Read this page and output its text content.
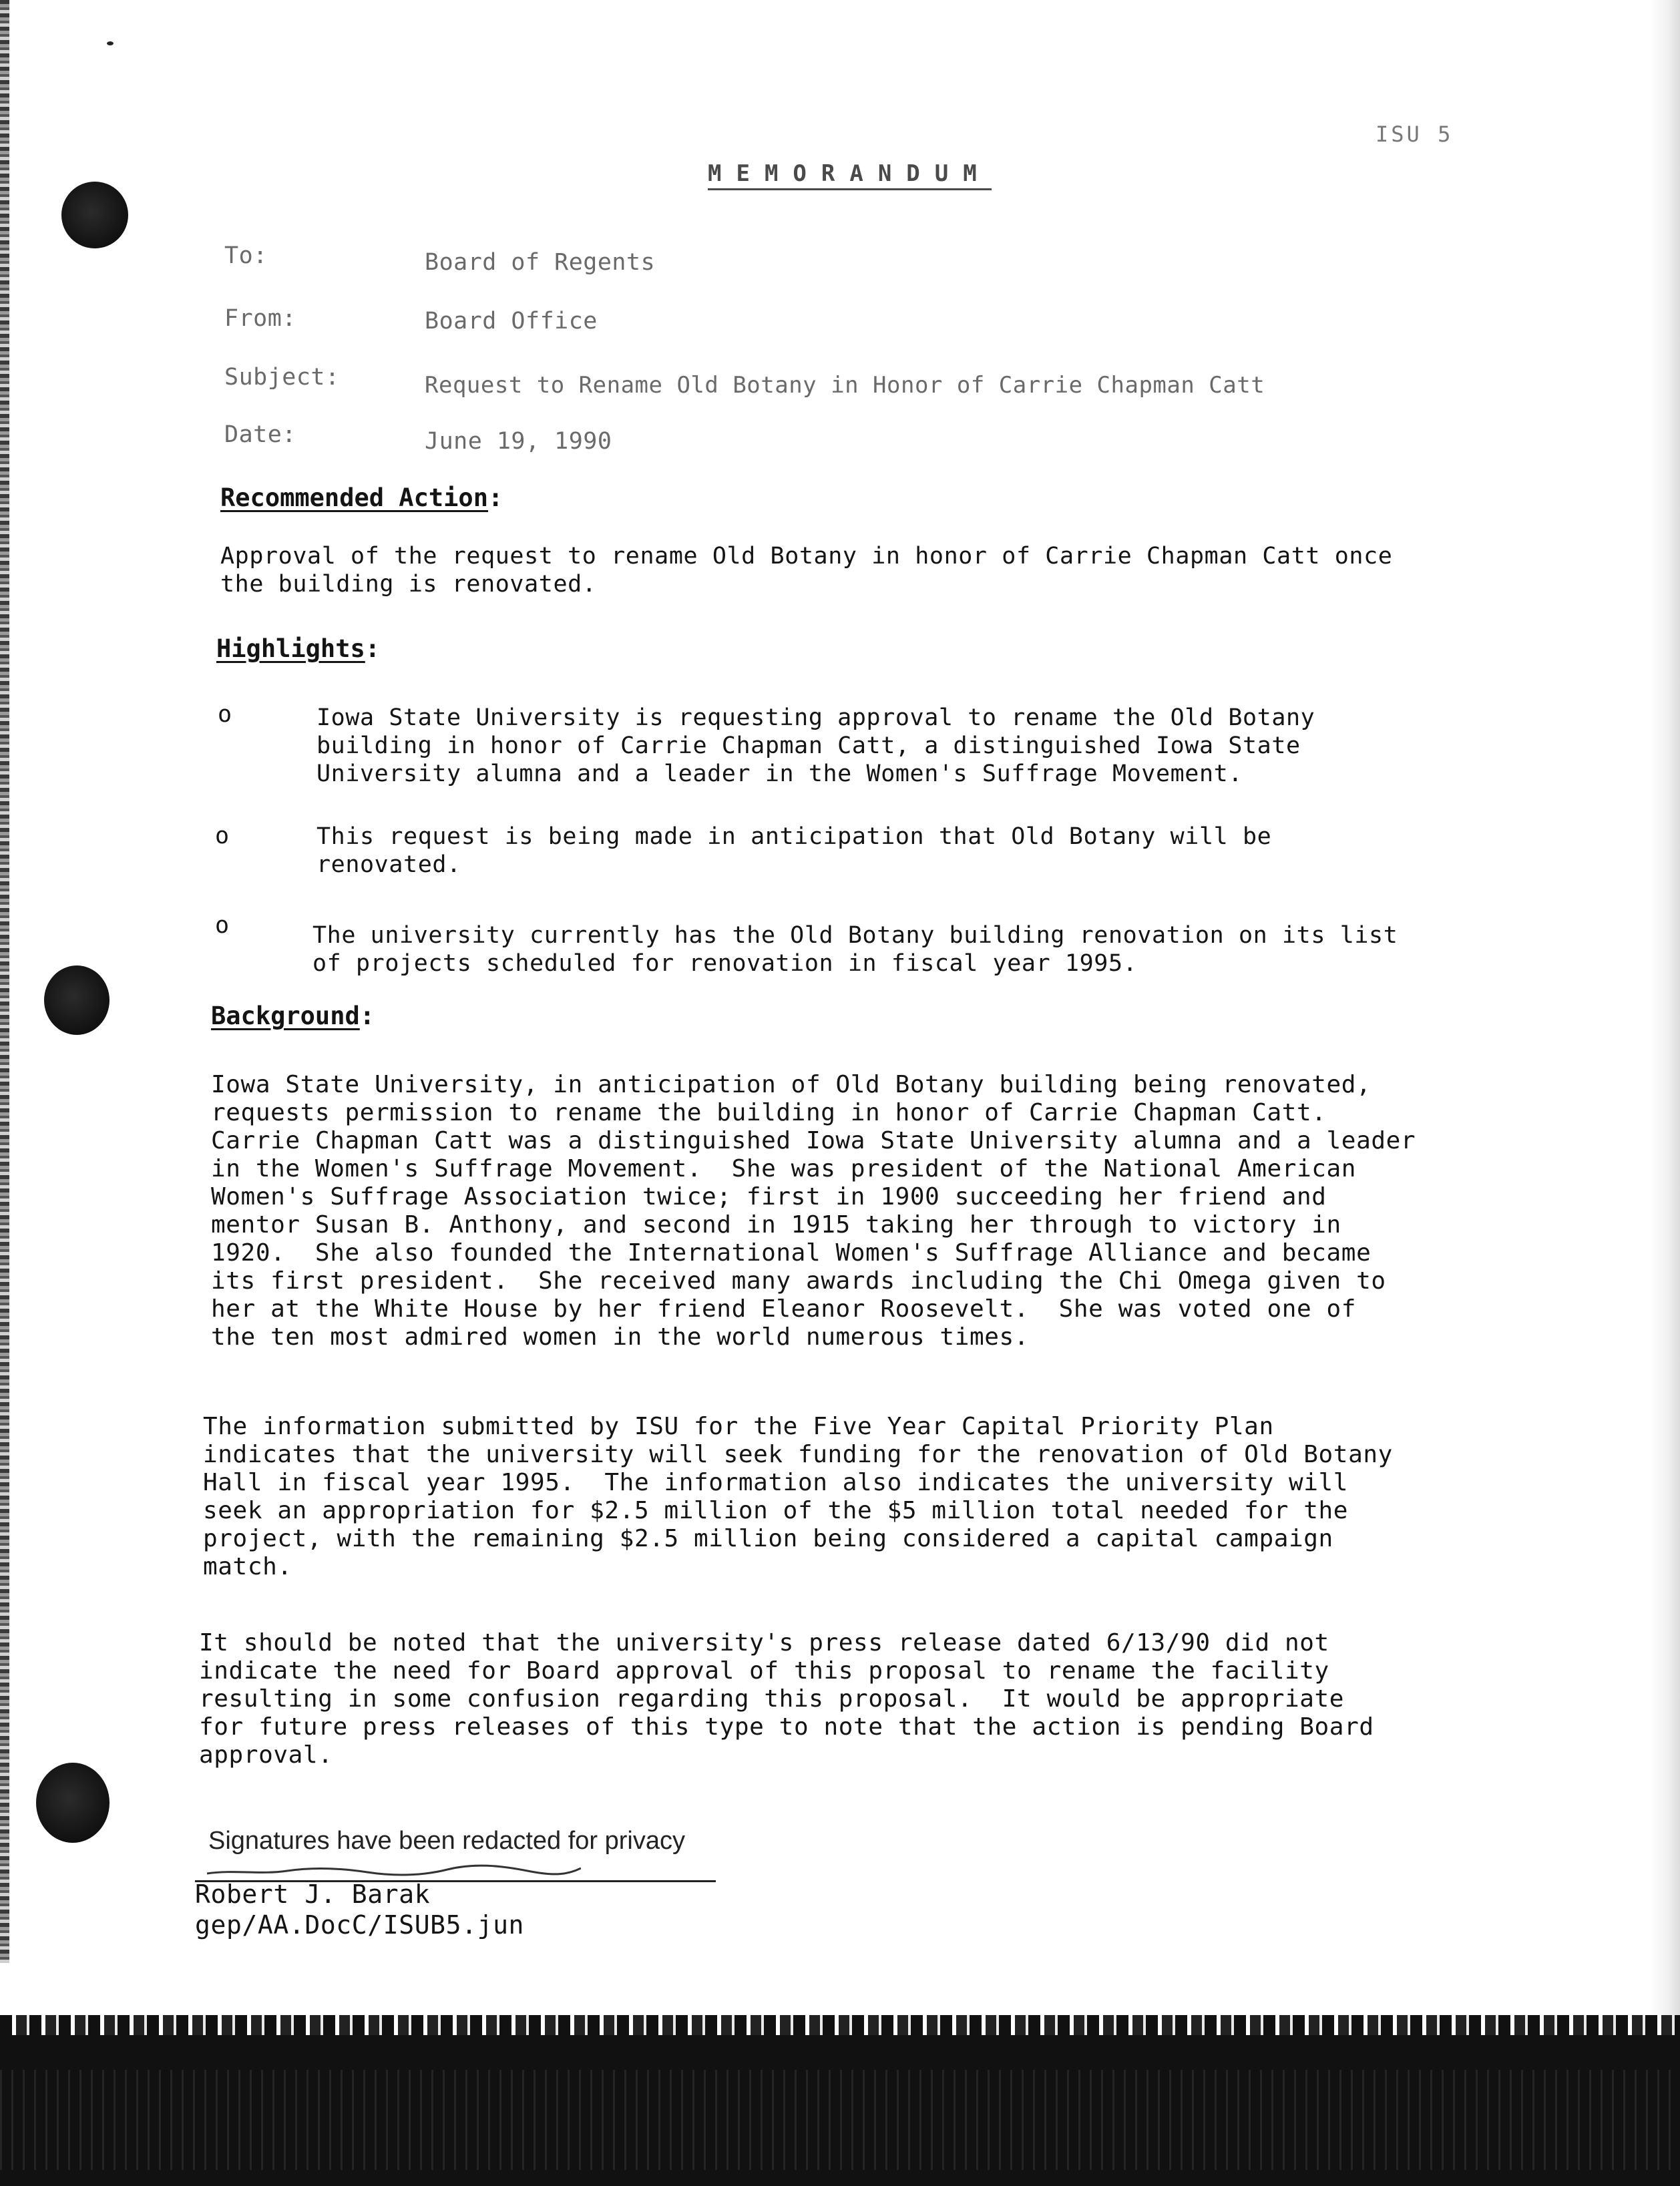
ISU 5
MEMORANDUM
To:	Board of Regents
From:	Board Office
Subject:	Request to Rename Old Botany in Honor of Carrie Chapman Catt
Date:	June 19, 1990
Recommended Action:
Approval of the request to rename Old Botany in honor of Carrie Chapman Catt once
the building is renovated.
Highlights:
o	Iowa State University is requesting approval to rename the Old Botany
building in honor of Carrie Chapman Catt, a distinguished Iowa State
University alumna and a leader in the Women's Suffrage Movement.
o	This request is being made in anticipation that Old Botany will be
renovated.
o	The university currently has the Old Botany building renovation on its list
of projects scheduled for renovation in fiscal year 1995.
Background:
Iowa State University, in anticipation of Old Botany building being renovated,
requests permission to rename the building in honor of Carrie Chapman Catt.
Carrie Chapman Catt was a distinguished Iowa State University alumna and a leader
in the Women's Suffrage Movement.  She was president of the National American
Women's Suffrage Association twice; first in 1900 succeeding her friend and
mentor Susan B. Anthony, and second in 1915 taking her through to victory in
1920.  She also founded the International Women's Suffrage Alliance and became
its first president.  She received many awards including the Chi Omega given to
her at the White House by her friend Eleanor Roosevelt.  She was voted one of
the ten most admired women in the world numerous times.
The information submitted by ISU for the Five Year Capital Priority Plan
indicates that the university will seek funding for the renovation of Old Botany
Hall in fiscal year 1995.  The information also indicates the university will
seek an appropriation for $2.5 million of the $5 million total needed for the
project, with the remaining $2.5 million being considered a capital campaign
match.
It should be noted that the university's press release dated 6/13/90 did not
indicate the need for Board approval of this proposal to rename the facility
resulting in some confusion regarding this proposal.  It would be appropriate
for future press releases of this type to note that the action is pending Board
approval.
Signatures have been redacted for privacy
Robert J. Barak
gep/AA.DocC/ISUB5.jun
